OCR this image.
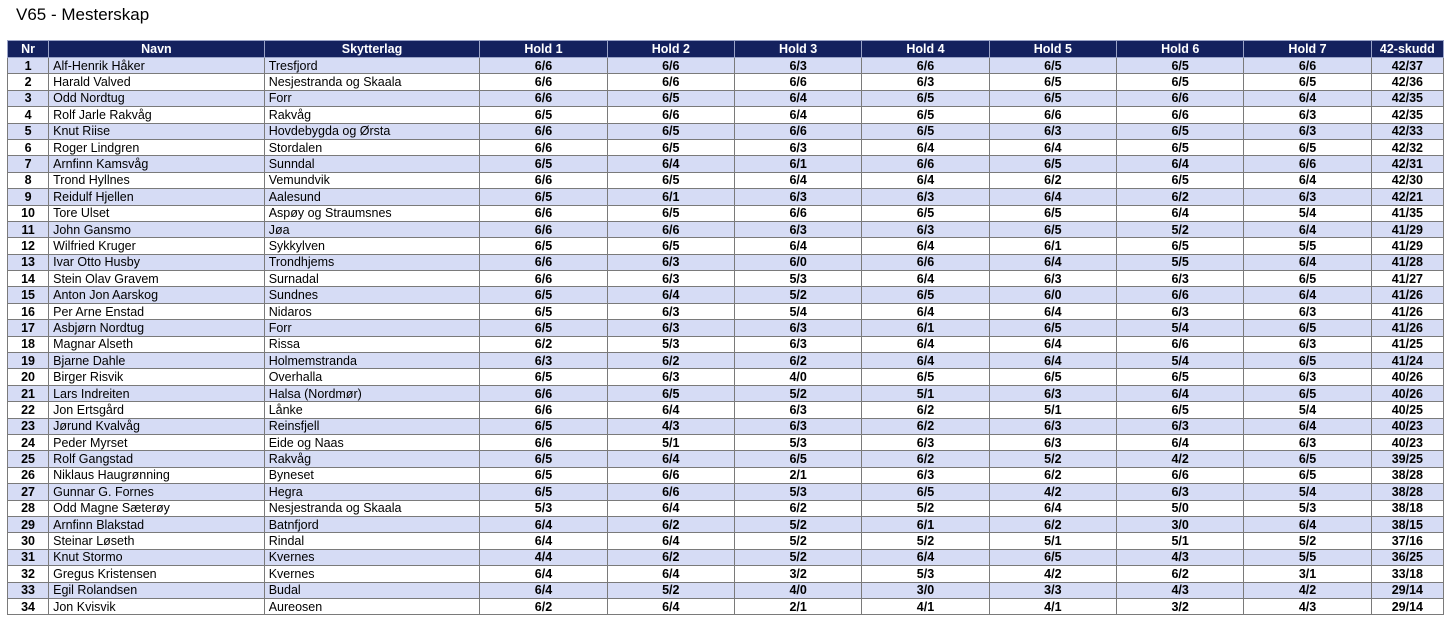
V65 - Mesterskap
Nr	Navn	Skytterlag	Hold 1	Hold 2	Hold 3	Hold 4	Hold 5	Hold 6	Hold 7	42-skudd
1	Alf-Henrik Håker	Tresfjord	6/6	6/6	6/3	6/6	6/5	6/5	6/6	42/37
2	Harald Valved	Nesjestranda og Skaala	6/6	6/6	6/6	6/3	6/5	6/5	6/5	42/36
3	Odd Nordtug	Forr	6/6	6/5	6/4	6/5	6/5	6/6	6/4	42/35
4	Rolf Jarle Rakvåg	Rakvåg	6/5	6/6	6/4	6/5	6/6	6/6	6/3	42/35
5	Knut Riise	Hovdebygda og Ørsta	6/6	6/5	6/6	6/5	6/3	6/5	6/3	42/33
6	Roger Lindgren	Stordalen	6/6	6/5	6/3	6/4	6/4	6/5	6/5	42/32
7	Arnfinn Kamsvåg	Sunndal	6/5	6/4	6/1	6/6	6/5	6/4	6/6	42/31
8	Trond Hyllnes	Vemundvik	6/6	6/5	6/4	6/4	6/2	6/5	6/4	42/30
9	Reidulf Hjellen	Aalesund	6/5	6/1	6/3	6/3	6/4	6/2	6/3	42/21
10	Tore Ulset	Aspøy og Straumsnes	6/6	6/5	6/6	6/5	6/5	6/4	5/4	41/35
11	John Gansmo	Jøa	6/6	6/6	6/3	6/3	6/5	5/2	6/4	41/29
12	Wilfried Kruger	Sykkylven	6/5	6/5	6/4	6/4	6/1	6/5	5/5	41/29
13	Ivar Otto Husby	Trondhjems	6/6	6/3	6/0	6/6	6/4	5/5	6/4	41/28
14	Stein Olav Gravem	Surnadal	6/6	6/3	5/3	6/4	6/3	6/3	6/5	41/27
15	Anton Jon Aarskog	Sundnes	6/5	6/4	5/2	6/5	6/0	6/6	6/4	41/26
16	Per Arne Enstad	Nidaros	6/5	6/3	5/4	6/4	6/4	6/3	6/3	41/26
17	Asbjørn Nordtug	Forr	6/5	6/3	6/3	6/1	6/5	5/4	6/5	41/26
18	Magnar Alseth	Rissa	6/2	5/3	6/3	6/4	6/4	6/6	6/3	41/25
19	Bjarne Dahle	Holmemstranda	6/3	6/2	6/2	6/4	6/4	5/4	6/5	41/24
20	Birger Risvik	Overhalla	6/5	6/3	4/0	6/5	6/5	6/5	6/3	40/26
21	Lars Indreiten	Halsa (Nordmør)	6/6	6/5	5/2	5/1	6/3	6/4	6/5	40/26
22	Jon Ertsgård	Lånke	6/6	6/4	6/3	6/2	5/1	6/5	5/4	40/25
23	Jørund Kvalvåg	Reinsfjell	6/5	4/3	6/3	6/2	6/3	6/3	6/4	40/23
24	Peder Myrset	Eide og Naas	6/6	5/1	5/3	6/3	6/3	6/4	6/3	40/23
25	Rolf Gangstad	Rakvåg	6/5	6/4	6/5	6/2	5/2	4/2	6/5	39/25
26	Niklaus Haugrønning	Byneset	6/5	6/6	2/1	6/3	6/2	6/6	6/5	38/28
27	Gunnar G. Fornes	Hegra	6/5	6/6	5/3	6/5	4/2	6/3	5/4	38/28
28	Odd Magne Sæterøy	Nesjestranda og Skaala	5/3	6/4	6/2	5/2	6/4	5/0	5/3	38/18
29	Arnfinn Blakstad	Batnfjord	6/4	6/2	5/2	6/1	6/2	3/0	6/4	38/15
30	Steinar Løseth	Rindal	6/4	6/4	5/2	5/2	5/1	5/1	5/2	37/16
31	Knut Stormo	Kvernes	4/4	6/2	5/2	6/4	6/5	4/3	5/5	36/25
32	Gregus Kristensen	Kvernes	6/4	6/4	3/2	5/3	4/2	6/2	3/1	33/18
33	Egil Rolandsen	Budal	6/4	5/2	4/0	3/0	3/3	4/3	4/2	29/14
34	Jon Kvisvik	Aureosen	6/2	6/4	2/1	4/1	4/1	3/2	4/3	29/14
